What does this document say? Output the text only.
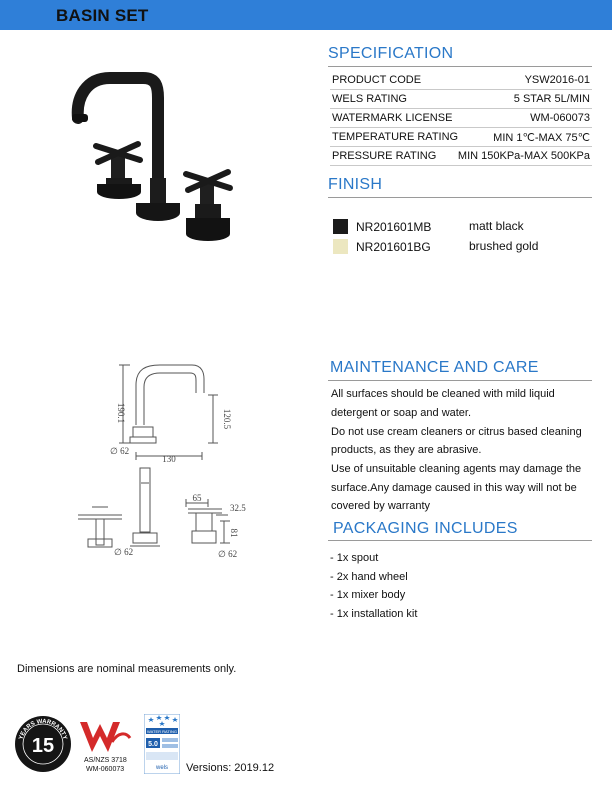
BASIN SET
190.1	120.5
130
∅ 62
65
32.5
81
∅ 62	∅ 62
SPECIFICATION
PRODUCT CODE	YSW2016-01
WELS RATING	5 STAR 5L/MIN
WATERMARK LICENSE	WM-060073
TEMPERATURE RATING	MIN 1℃-MAX 75℃
PRESSURE RATING MIN 150KPa-MAX 500KPa
FINISH
NR201601MB	matt black
NR201601BG	brushed gold
MAINTENANCE AND CARE
All surfaces should be cleaned with mild liquid
detergent or soap and water.
Do not use cream cleaners or citrus based cleaning
products, as they are abrasive.
Use of unsuitable cleaning agents may damage the
surface.Any damage caused in this way will not be
covered by warranty
PACKAGING INCLUDES
- 1x spout
- 2x hand wheel
- 1x mixer body
- 1x installation kit
Dimensions are nominal measurements only.
YEARS WARRANTY
15
AS/NZS 3718
WM-060073
WATER RATING
5.0
wels Versions: 2019.12
